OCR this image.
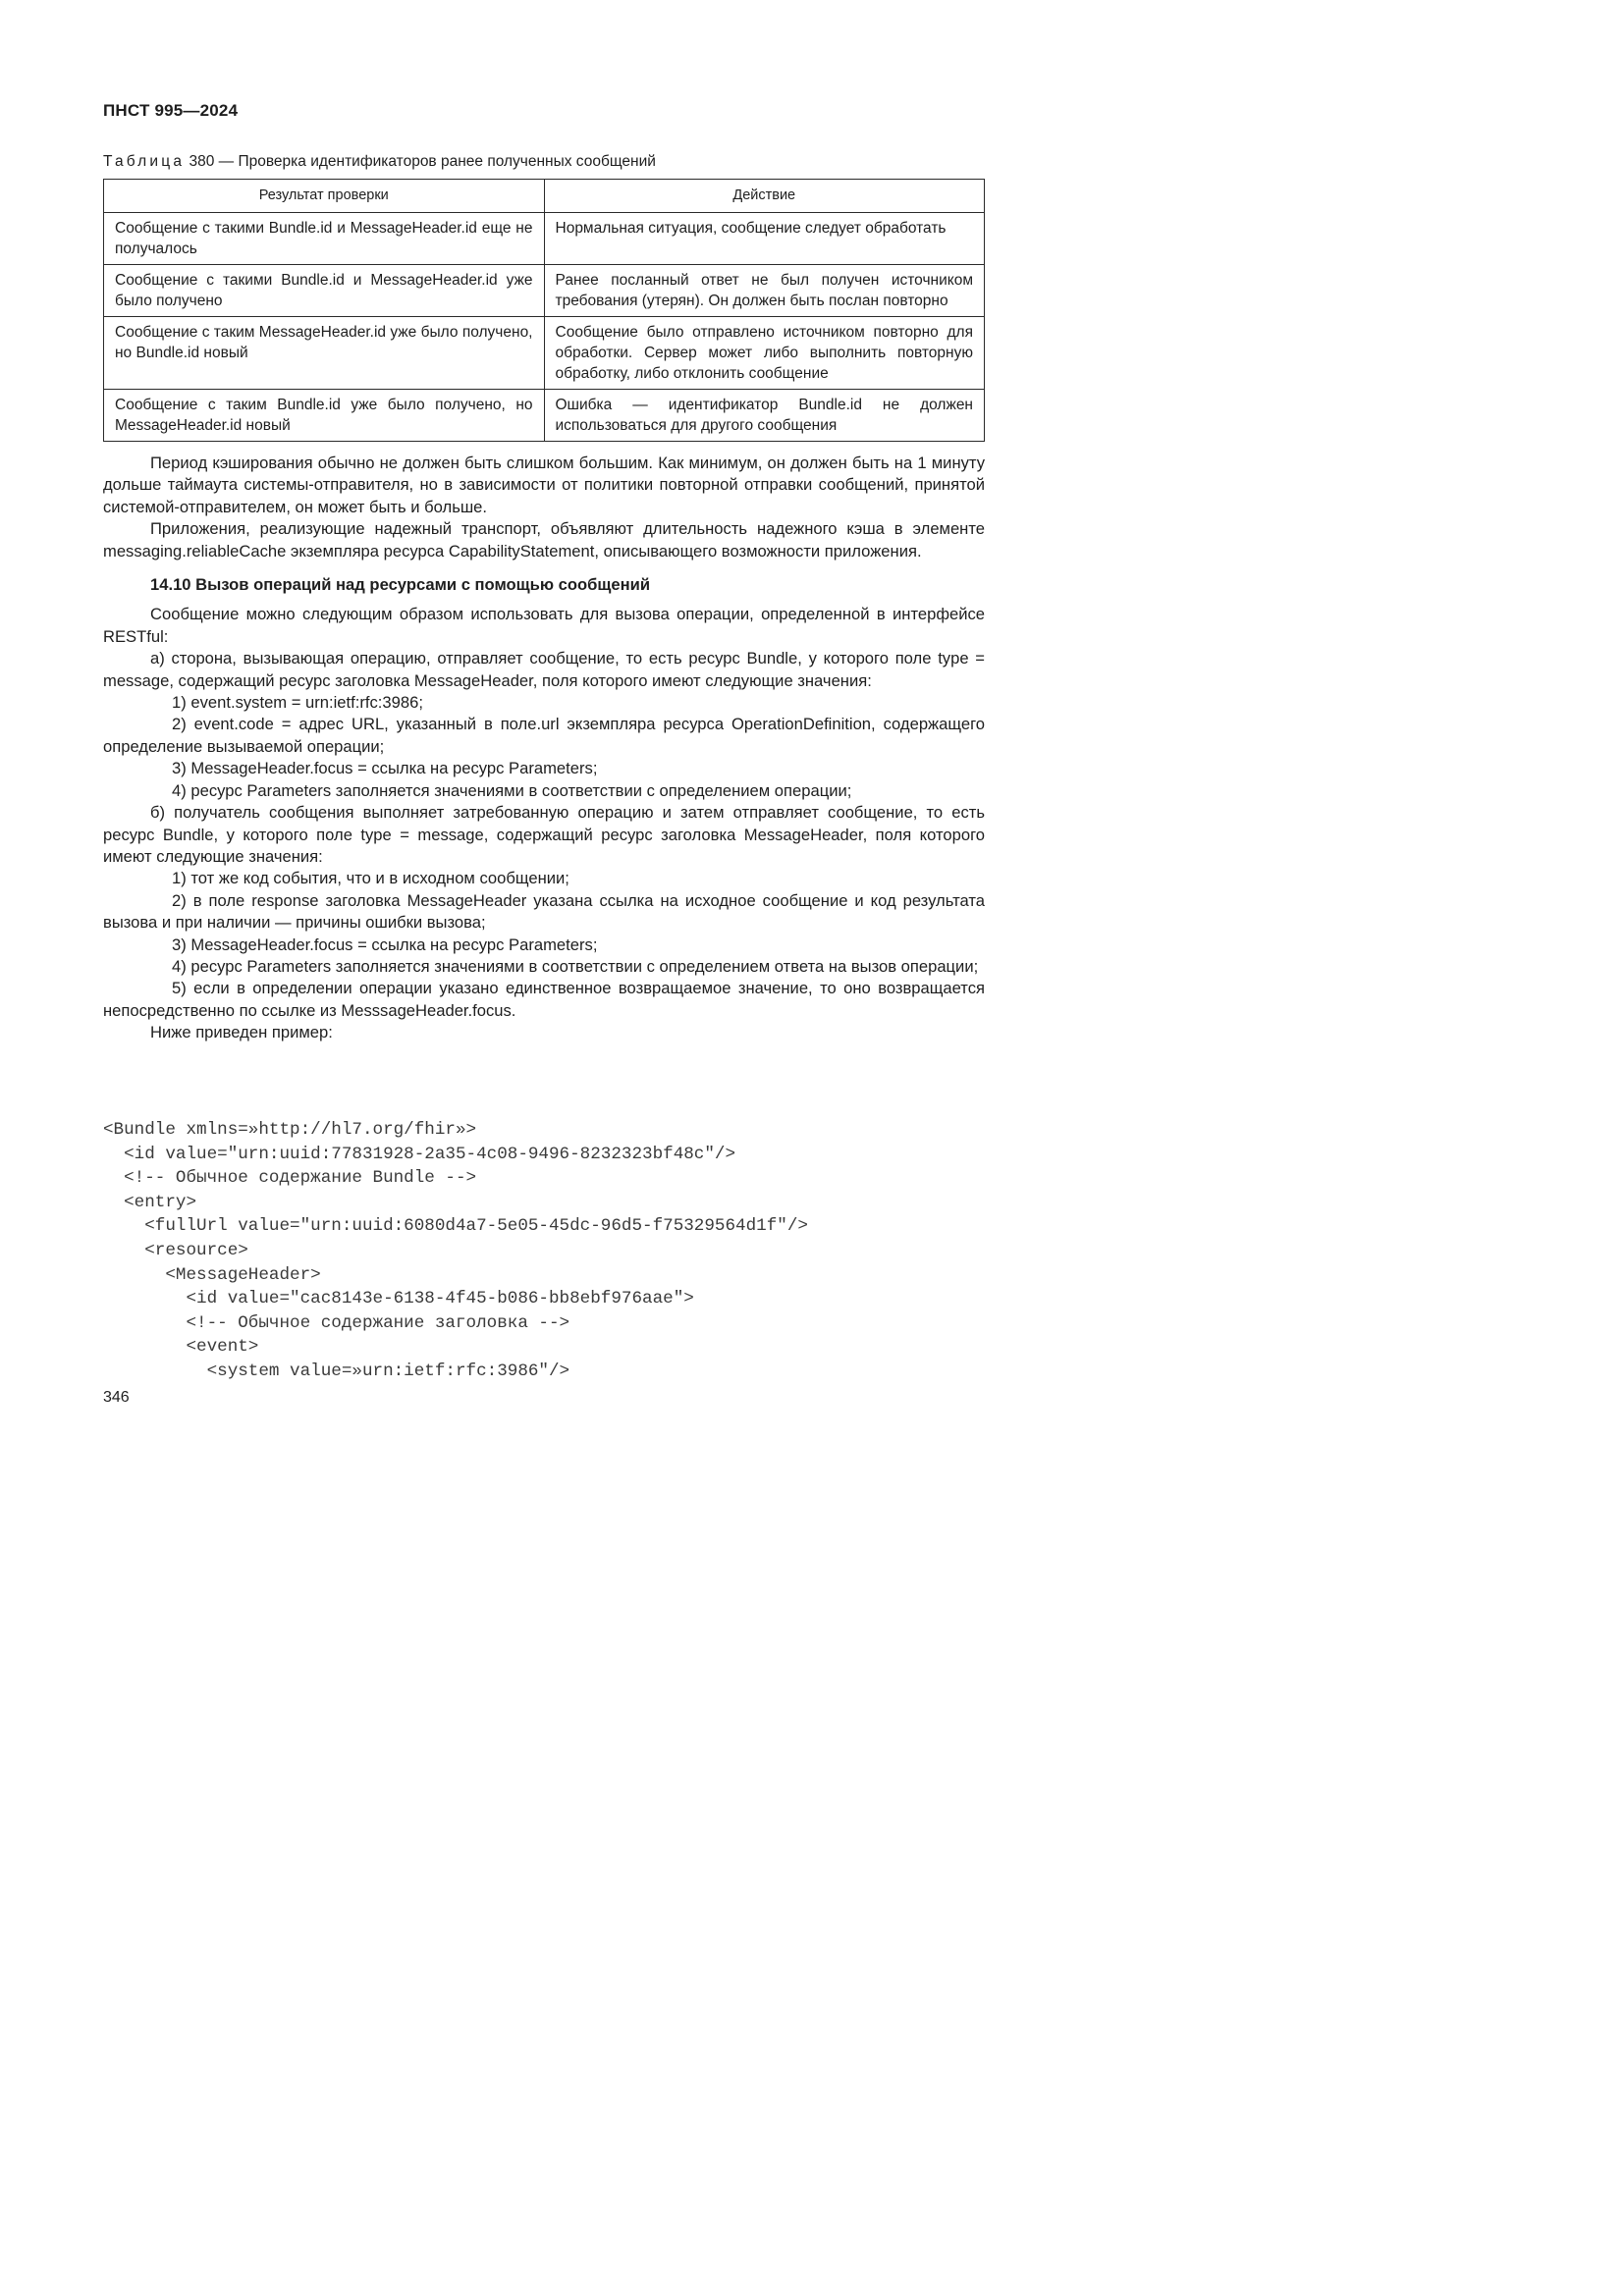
ПНСТ 995—2024
Таблица 380 — Проверка идентификаторов ранее полученных сообщений
Результат проверки	Действие
Сообщение с такими Bundle.id и MessageHeader.id еще не получалось	Нормальная ситуация, сообщение следует обработать
Сообщение с такими Bundle.id и MessageHeader.id уже было получено	Ранее посланный ответ не был получен источником требования (утерян). Он должен быть послан повторно
Сообщение с таким MessageHeader.id уже было получено, но Bundle.id новый	Сообщение было отправлено источником повторно для обработки. Сервер может либо выполнить повторную обработку, либо отклонить сообщение
Сообщение с таким Bundle.id уже было получено, но MessageHeader.id новый	Ошибка — идентификатор Bundle.id не должен использоваться для другого сообщения

Период кэширования обычно не должен быть слишком большим. Как минимум, он должен быть на 1 минуту дольше таймаута системы-отправителя, но в зависимости от политики повторной отправки сообщений, принятой системой-отправителем, он может быть и больше.

Приложения, реализующие надежный транспорт, объявляют длительность надежного кэша в элементе messaging.reliableCache экземпляра ресурса CapabilityStatement, описывающего возможности приложения.

14.10 Вызов операций над ресурсами с помощью сообщений

Сообщение можно следующим образом использовать для вызова операции, определенной в интерфейсе RESTful:

а) сторона, вызывающая операцию, отправляет сообщение, то есть ресурс Bundle, у которого поле type = message, содержащий ресурс заголовка MessageHeader, поля которого имеют следующие значения:

1) event.system = urn:ietf:rfc:3986;

2) event.code = адрес URL, указанный в поле.url экземпляра ресурса OperationDefinition, содержащего определение вызываемой операции;

3) MessageHeader.focus = ссылка на ресурс Parameters;

4) ресурс Parameters заполняется значениями в соответствии с определением операции;

б) получатель сообщения выполняет затребованную операцию и затем отправляет сообщение, то есть ресурс Bundle, у которого поле type = message, содержащий ресурс заголовка MessageHeader, поля которого имеют следующие значения:

1) тот же код события, что и в исходном сообщении;

2) в поле response заголовка MessageHeader указана ссылка на исходное сообщение и код результата вызова и при наличии — причины ошибки вызова;

3) MessageHeader.focus = ссылка на ресурс Parameters;

4) ресурс Parameters заполняется значениями в соответствии с определением ответа на вызов операции;

5) если в определении операции указано единственное возвращаемое значение, то оно возвращается непосредственно по ссылке из MesssageHeader.focus.

Ниже приведен пример:

<Bundle xmlns=»http://hl7.org/fhir»>
<id value="urn:uuid:77831928-2a35-4c08-9496-8232323bf48c"/>
<!-- Обычное содержание Bundle -->
<entry>
<fullUrl value="urn:uuid:6080d4a7-5e05-45dc-96d5-f75329564d1f"/>
<resource>
<MessageHeader>
<id value="cac8143e-6138-4f45-b086-bb8ebf976aae">
<!-- Обычное содержание заголовка -->
<event>
<system value=»urn:ietf:rfc:3986"/>
346
